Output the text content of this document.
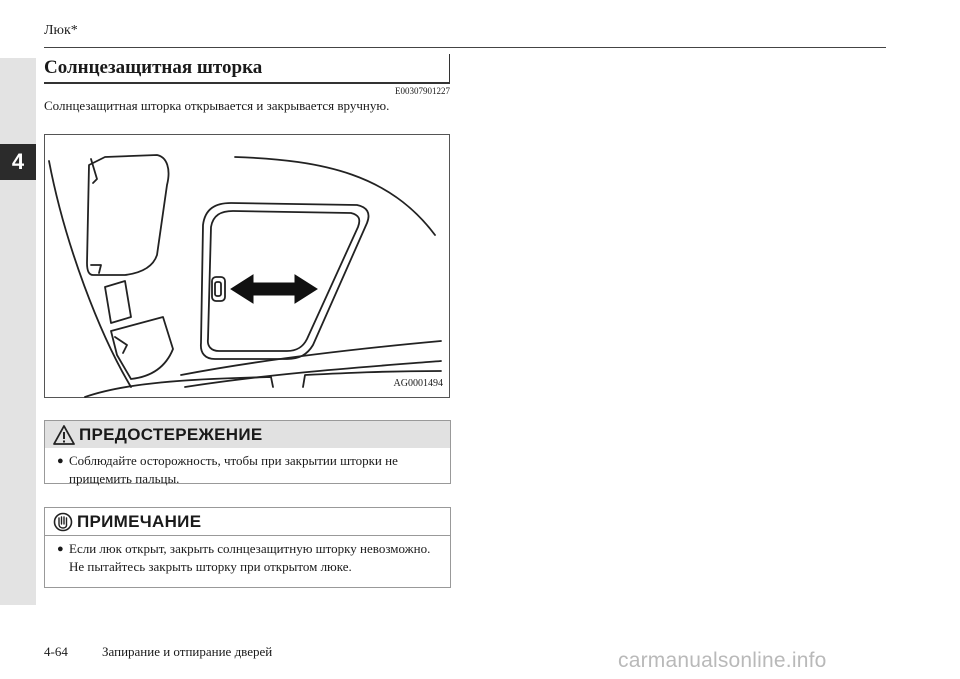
4
Люк*
Солнцезащитная шторка
E00307901227
Солнцезащитная шторка открывается и закрывается вручную.
AG0001494
ПРЕДОСТЕРЕЖЕНИЕ
● Соблюдайте осторожность, чтобы при закрытии шторки не прищемить пальцы.
ПРИМЕЧАНИЕ
● Если люк открыт, закрыть солнцезащитную шторку невозможно. Не пытайтесь закрыть шторку при открытом люке.
4-64	Запирание и отпирание дверей	carmanualsonline.info
